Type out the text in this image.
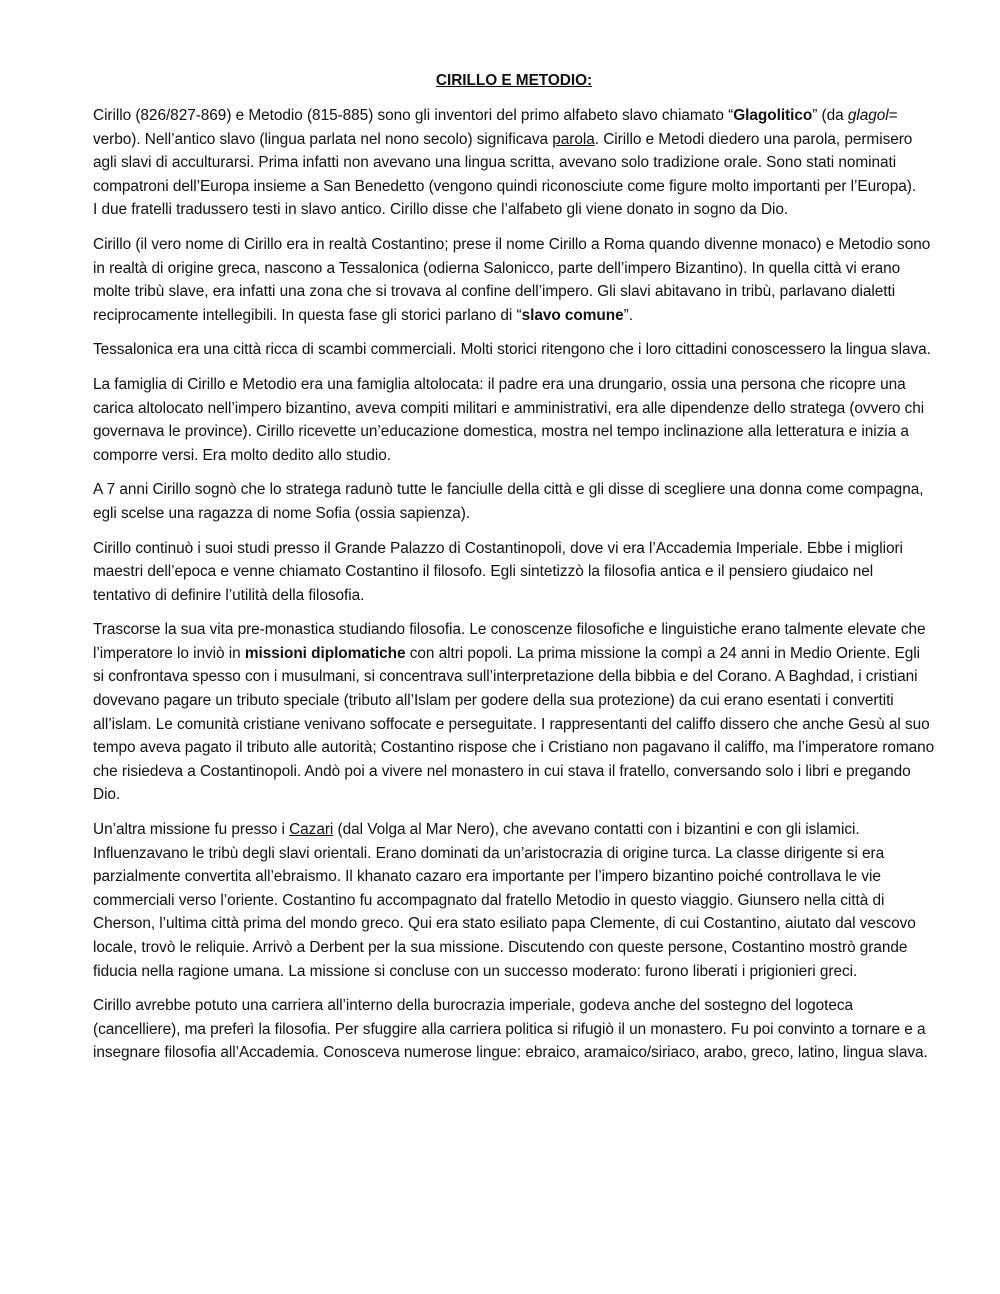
CIRILLO E METODIO:

Cirillo (826/827-869) e Metodio (815-885) sono gli inventori del primo alfabeto slavo chiamato “Glagolitico” (da glagol= verbo). Nell’antico slavo (lingua parlata nel nono secolo) significava parola. Cirillo e Metodi diedero una parola, permisero agli slavi di acculturarsi. Prima infatti non avevano una lingua scritta, avevano solo tradizione orale. Sono stati nominati compatroni dell’Europa insieme a San Benedetto (vengono quindi riconosciute come figure molto importanti per l’Europa).
I due fratelli tradussero testi in slavo antico. Cirillo disse che l’alfabeto gli viene donato in sogno da Dio.

Cirillo (il vero nome di Cirillo era in realtà Costantino; prese il nome Cirillo a Roma quando divenne monaco) e Metodio sono in realtà di origine greca, nascono a Tessalonica (odierna Salonicco, parte dell’impero Bizantino). In quella città vi erano molte tribù slave, era infatti una zona che si trovava al confine dell’impero. Gli slavi abitavano in tribù, parlavano dialetti reciprocamente intellegibili. In questa fase gli storici parlano di “slavo comune”.

Tessalonica era una città ricca di scambi commerciali. Molti storici ritengono che i loro cittadini conoscessero la lingua slava.

La famiglia di Cirillo e Metodio era una famiglia altolocata: il padre era una drungario, ossia una persona che ricopre una carica altolocato nell’impero bizantino, aveva compiti militari e amministrativi, era alle dipendenze dello stratega (ovvero chi governava le province). Cirillo ricevette un’educazione domestica, mostra nel tempo inclinazione alla letteratura e inizia a comporre versi. Era molto dedito allo studio.

A 7 anni Cirillo sognò che lo stratega radunò tutte le fanciulle della città e gli disse di scegliere una donna come compagna, egli scelse una ragazza di nome Sofia (ossia sapienza).

Cirillo continuò i suoi studi presso il Grande Palazzo di Costantinopoli, dove vi era l’Accademia Imperiale. Ebbe i migliori maestri dell’epoca e venne chiamato Costantino il filosofo. Egli sintetizzò la filosofia antica e il pensiero giudaico nel tentativo di definire l’utilità della filosofia.

Trascorse la sua vita pre-monastica studiando filosofia. Le conoscenze filosofiche e linguistiche erano talmente elevate che l’imperatore lo inviò in missioni diplomatiche con altri popoli. La prima missione la compì a 24 anni in Medio Oriente. Egli si confrontava spesso con i musulmani, si concentrava sull’interpretazione della bibbia e del Corano. A Baghdad, i cristiani dovevano pagare un tributo speciale (tributo all’Islam per godere della sua protezione) da cui erano esentati i convertiti all’islam. Le comunità cristiane venivano soffocate e perseguitate. I rappresentanti del califfo dissero che anche Gesù al suo tempo aveva pagato il tributo alle autorità; Costantino rispose che i Cristiano non pagavano il califfo, ma l’imperatore romano che risiedeva a Costantinopoli. Andò poi a vivere nel monastero in cui stava il fratello, conversando solo i libri e pregando Dio.

Un’altra missione fu presso i Cazari (dal Volga al Mar Nero), che avevano contatti con i bizantini e con gli islamici. Influenzavano le tribù degli slavi orientali. Erano dominati da un’aristocrazia di origine turca. La classe dirigente si era parzialmente convertita all’ebraismo. Il khanato cazaro era importante per l’impero bizantino poiché controllava le vie commerciali verso l’oriente. Costantino fu accompagnato dal fratello Metodio in questo viaggio. Giunsero nella città di Cherson, l’ultima città prima del mondo greco. Qui era stato esiliato papa Clemente, di cui Costantino, aiutato dal vescovo locale, trovò le reliquie. Arrivò a Derbent per la sua missione. Discutendo con queste persone, Costantino mostrò grande fiducia nella ragione umana. La missione si concluse con un successo moderato: furono liberati i prigionieri greci.

Cirillo avrebbe potuto una carriera all’interno della burocrazia imperiale, godeva anche del sostegno del logoteca (cancelliere), ma preferì la filosofia. Per sfuggire alla carriera politica si rifugiò il un monastero. Fu poi convinto a tornare e a insegnare filosofia all’Accademia. Conosceva numerose lingue: ebraico, aramaico/siriaco, arabo, greco, latino, lingua slava.
